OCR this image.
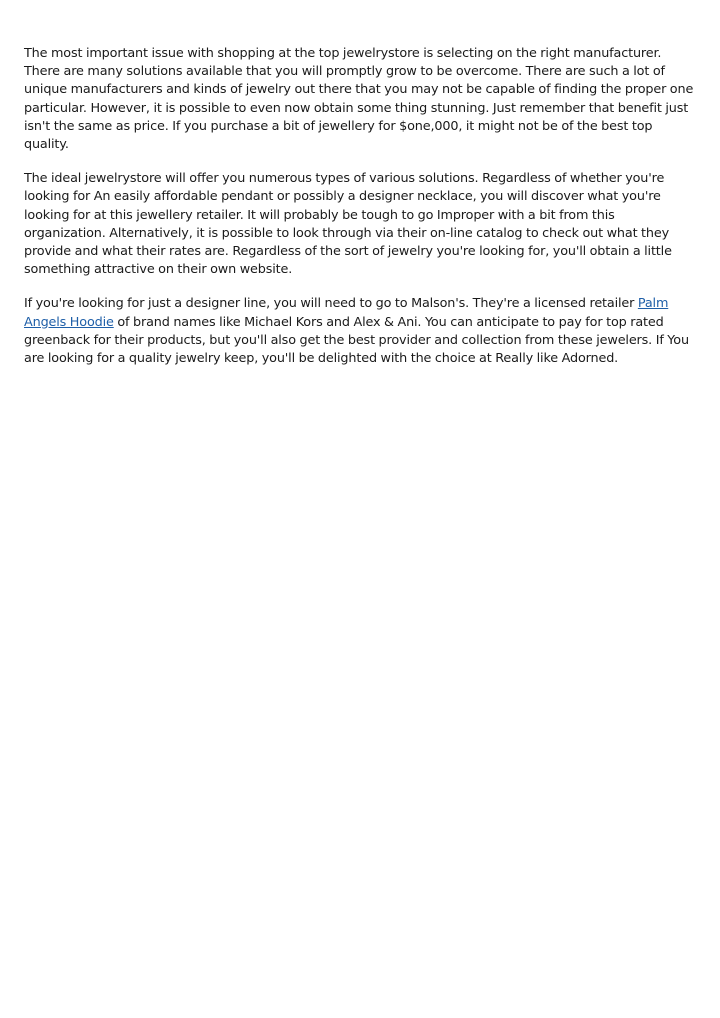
The most important issue with shopping at the top jewelrystore is selecting on the right manufacturer. There are many solutions available that you will promptly grow to be overcome. There are such a lot of unique manufacturers and kinds of jewelry out there that you may not be capable of finding the proper one particular. However, it is possible to even now obtain some thing stunning. Just remember that benefit just isn't the same as price. If you purchase a bit of jewellery for $one,000, it might not be of the best top quality.

The ideal jewelrystore will offer you numerous types of various solutions. Regardless of whether you're looking for An easily affordable pendant or possibly a designer necklace, you will discover what you're looking for at this jewellery retailer. It will probably be tough to go Improper with a bit from this organization. Alternatively, it is possible to look through via their on-line catalog to check out what they provide and what their rates are. Regardless of the sort of jewelry you're looking for, you'll obtain a little something attractive on their own website.

If you're looking for just a designer line, you will need to go to Malson's. They're a licensed retailer Palm Angels Hoodie of brand names like Michael Kors and Alex & Ani. You can anticipate to pay for top rated greenback for their products, but you'll also get the best provider and collection from these jewelers. If You are looking for a quality jewelry keep, you'll be delighted with the choice at Really like Adorned.
